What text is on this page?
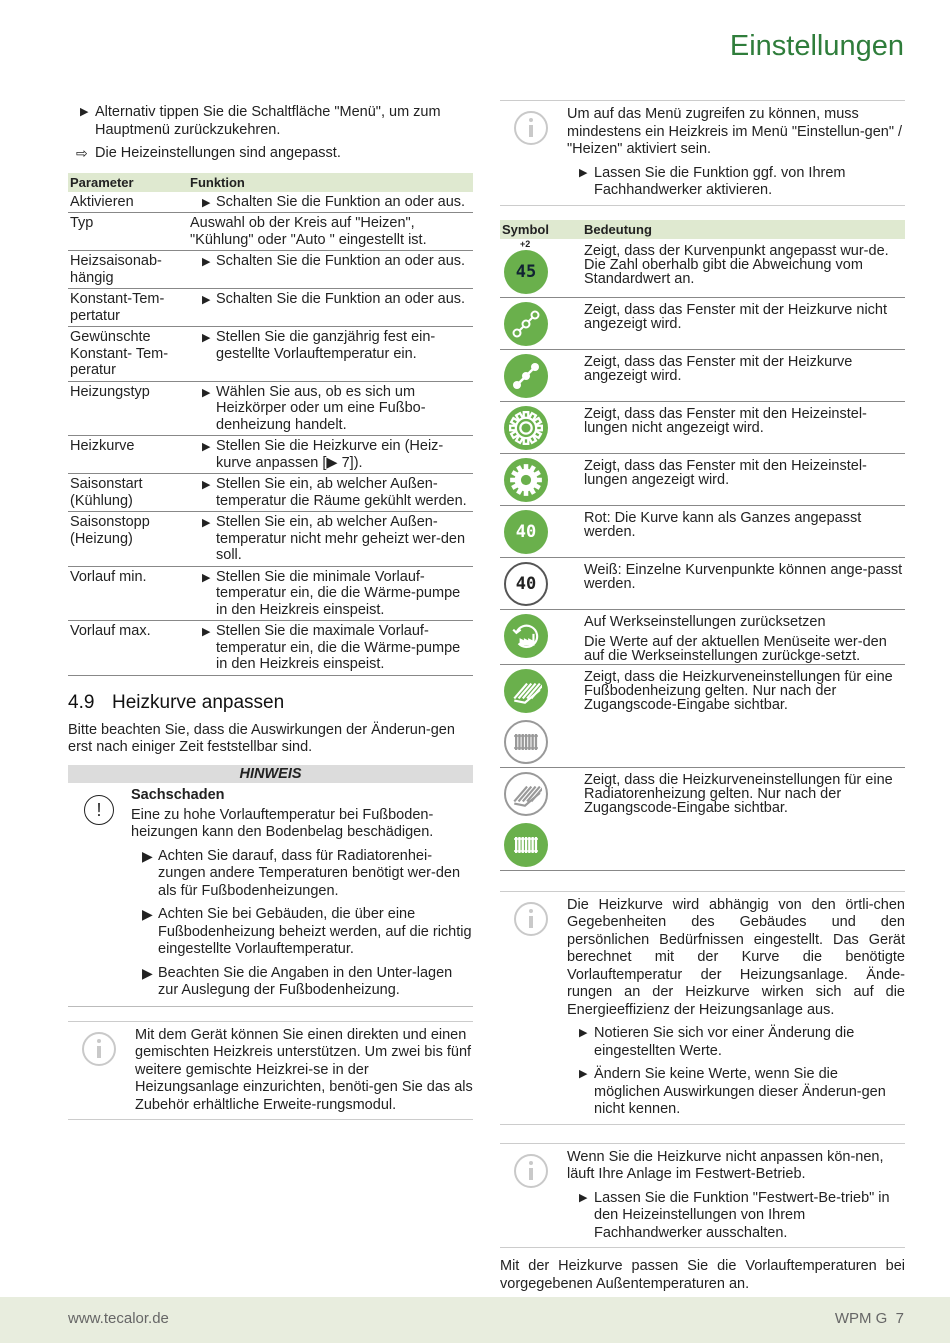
Einstellungen
▶ Alternativ tippen Sie die Schaltfläche "Menü", um zum Hauptmenü zurückzukehren.
⇨ Die Heizeinstellungen sind angepasst.
Parameter	Funktion
Aktivieren	▶ Schalten Sie die Funktion an oder aus.

Typ	Auswahl ob der Kreis auf "Heizen", "Kühlung" oder "Auto " eingestellt ist.
Heizsaisonab-hängig	▶ Schalten Sie die Funktion an oder aus.

Konstant-Tem-pertatur	▶ Schalten Sie die Funktion an oder aus.

Gewünschte Konstant- Tem-peratur	▶ Stellen Sie die ganzjährig fest ein-gestellte Vorlauftemperatur ein.

Heizungstyp	▶ Wählen Sie aus, ob es sich um Heizkörper oder um eine Fußbo-denheizung handelt.

Heizkurve	▶ Stellen Sie die Heizkurve ein (Heiz-kurve anpassen [▶ 7]).

Saisonstart (Kühlung)	▶ Stellen Sie ein, ab welcher Außen-temperatur die Räume gekühlt werden.

Saisonstopp (Heizung)	▶ Stellen Sie ein, ab welcher Außen-temperatur nicht mehr geheizt wer-den soll.

Vorlauf min.	▶ Stellen Sie die minimale Vorlauf-temperatur ein, die die Wärme-pumpe in den Heizkreis einspeist.

Vorlauf max.	▶ Stellen Sie die maximale Vorlauf-temperatur ein, die die Wärme-pumpe in den Heizkreis einspeist.
4.9 Heizkurve anpassen
Bitte beachten Sie, dass die Auswirkungen der Änderun-gen erst nach einiger Zeit feststellbar sind.
HINWEIS
!
Sachschaden
Eine zu hohe Vorlauftemperatur bei Fußboden-heizungen kann den Bodenbelag beschädigen.
▶ Achten Sie darauf, dass für Radiatorenhei-zungen andere Temperaturen benötigt wer-den als für Fußbodenheizungen.
▶ Achten Sie bei Gebäuden, die über eine Fußbodenheizung beheizt werden, auf die richtig eingestellte Vorlauftemperatur.
▶ Beachten Sie die Angaben in den Unter-lagen zur Auslegung der Fußbodenheizung.
Mit dem Gerät können Sie einen direkten und einen gemischten Heizkreis unterstützen. Um zwei bis fünf weitere gemischte Heizkrei-se in der Heizungsanlage einzurichten, benöti-gen Sie das als Zubehör erhältliche Erweite-rungsmodul.
Um auf das Menü zugreifen zu können, muss mindestens ein Heizkreis im Menü "Einstellun-gen" / "Heizen" aktiviert sein.
▶ Lassen Sie die Funktion ggf. von Ihrem Fachhandwerker aktivieren.
Symbol	Bedeutung

+2
45	Zeigt, dass der Kurvenpunkt angepasst wur-de. Die Zahl oberhalb gibt die Abweichung vom Standardwert an.

Zeigt, dass das Fenster mit der Heizkurve nicht angezeigt wird.

Zeigt, dass das Fenster mit der Heizkurve angezeigt wird.

Zeigt, dass das Fenster mit den Heizeinstel-lungen nicht angezeigt wird.

Zeigt, dass das Fenster mit den Heizeinstel-lungen angezeigt wird.

40	Rot: Die Kurve kann als Ganzes angepasst werden.

40	Weiß: Einzelne Kurvenpunkte können ange-passt werden.

Auf Werkseinstellungen zurücksetzen
Die Werte auf der aktuellen Menüseite wer-den auf die Werkseinstellungen zurückge-setzt.

Zeigt, dass die Heizkurveneinstellungen für eine Fußbodenheizung gelten. Nur nach der Zugangscode-Eingabe sichtbar.

Zeigt, dass die Heizkurveneinstellungen für eine Radiatorenheizung gelten. Nur nach der Zugangscode-Eingabe sichtbar.

Die Heizkurve wird abhängig von den örtli-chen Gegebenheiten des Gebäudes und den persönlichen Bedürfnissen eingestellt. Das Gerät berechnet mit der Kurve die benötigte Vorlauftemperatur der Heizungsanlage. Ände-rungen an der Heizkurve wirken sich auf die Energieeffizienz der Heizungsanlage aus.
▶ Notieren Sie sich vor einer Änderung die eingestellten Werte.
▶ Ändern Sie keine Werte, wenn Sie die möglichen Auswirkungen dieser Änderun-gen nicht kennen.
Wenn Sie die Heizkurve nicht anpassen kön-nen, läuft Ihre Anlage im Festwert-Betrieb.
▶ Lassen Sie die Funktion "Festwert-Be-trieb" in den Heizeinstellungen von Ihrem Fachhandwerker ausschalten.
Mit der Heizkurve passen Sie die Vorlauftemperaturen bei vorgegebenen Außentemperaturen an.
www.tecalor.de	WPM G 7
